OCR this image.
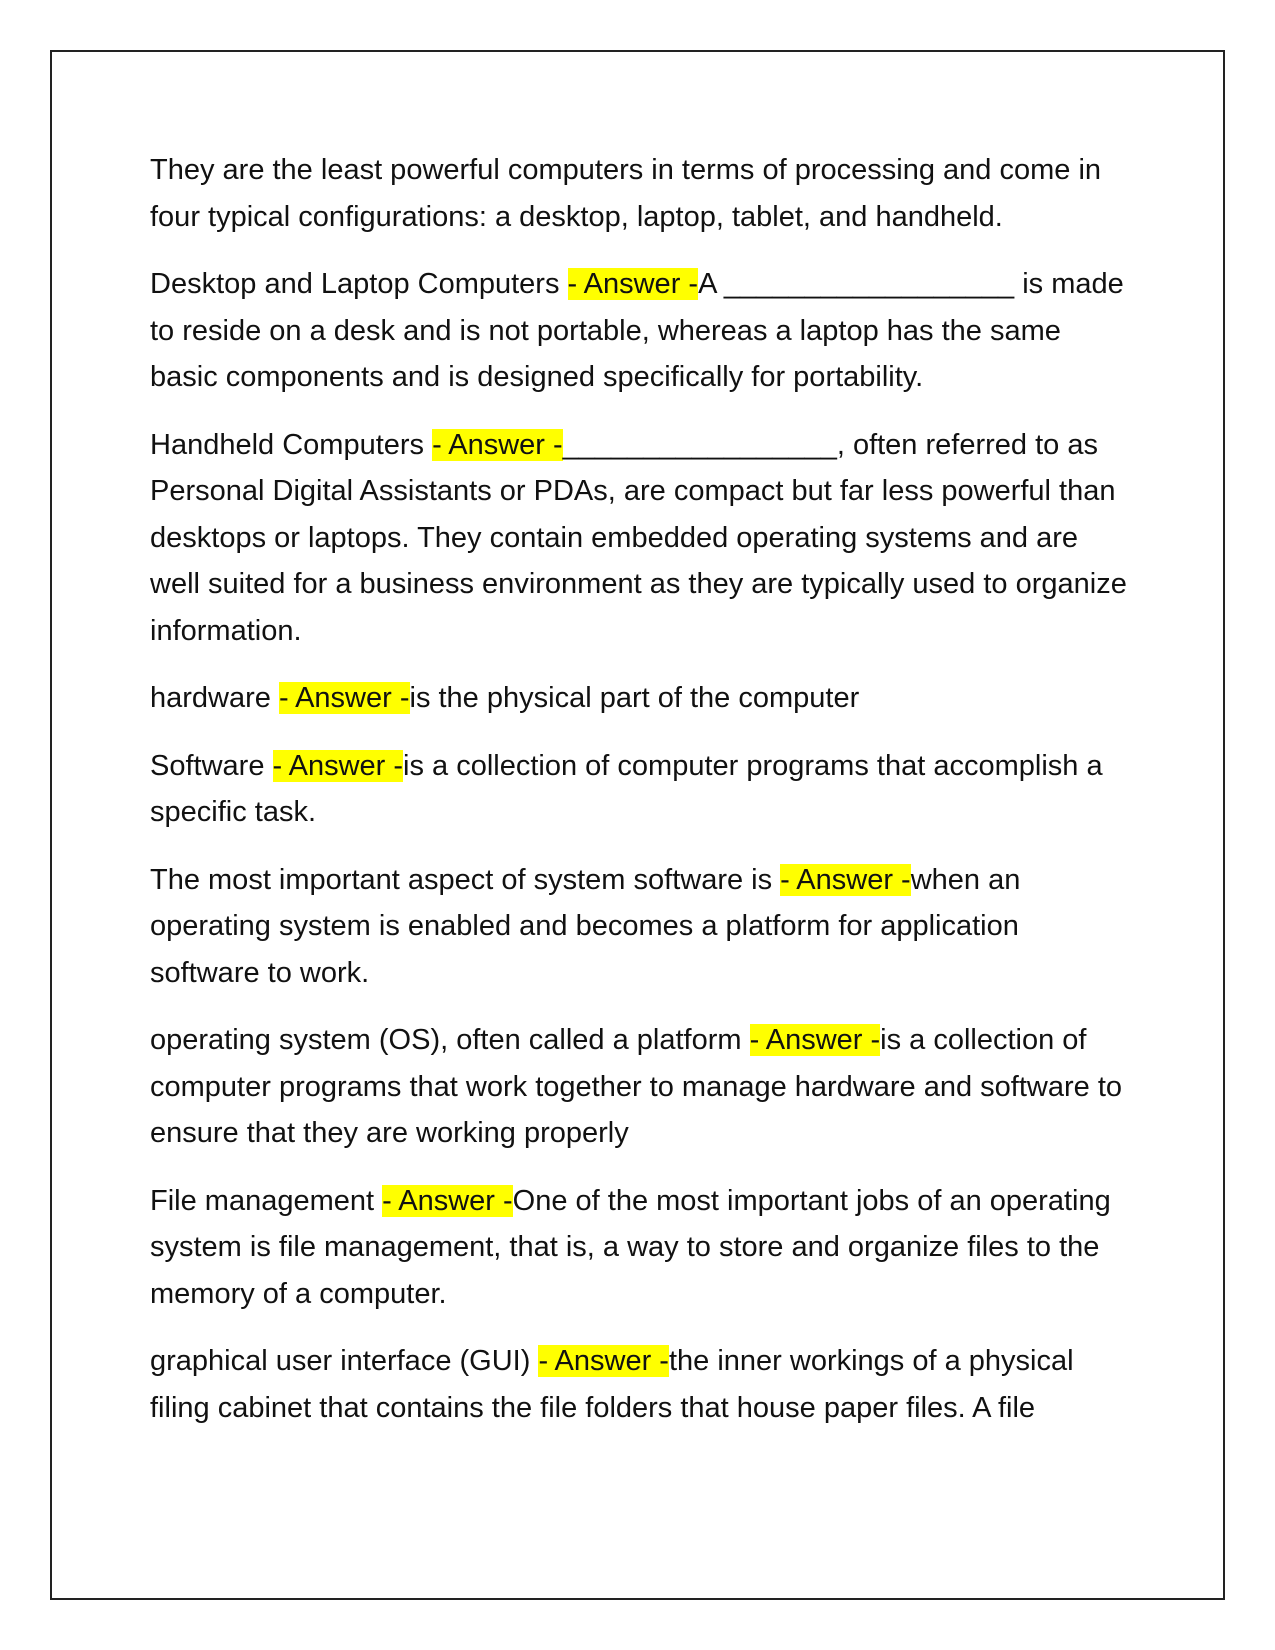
They are the least powerful computers in terms of processing and come in four typical configurations: a desktop, laptop, tablet, and handheld.

Desktop and Laptop Computers - Answer -A __________________ is made to reside on a desk and is not portable, whereas a laptop has the same basic components and is designed specifically for portability.

Handheld Computers - Answer -_________________, often referred to as Personal Digital Assistants or PDAs, are compact but far less powerful than desktops or laptops. They contain embedded operating systems and are well suited for a business environment as they are typically used to organize information.

hardware - Answer -is the physical part of the computer

Software - Answer -is a collection of computer programs that accomplish a specific task.

The most important aspect of system software is - Answer -when an operating system is enabled and becomes a platform for application software to work.

operating system (OS), often called a platform - Answer -is a collection of computer programs that work together to manage hardware and software to ensure that they are working properly

File management - Answer -One of the most important jobs of an operating system is file management, that is, a way to store and organize files to the memory of a computer.

graphical user interface (GUI) - Answer -the inner workings of a physical filing cabinet that contains the file folders that house paper files. A file
